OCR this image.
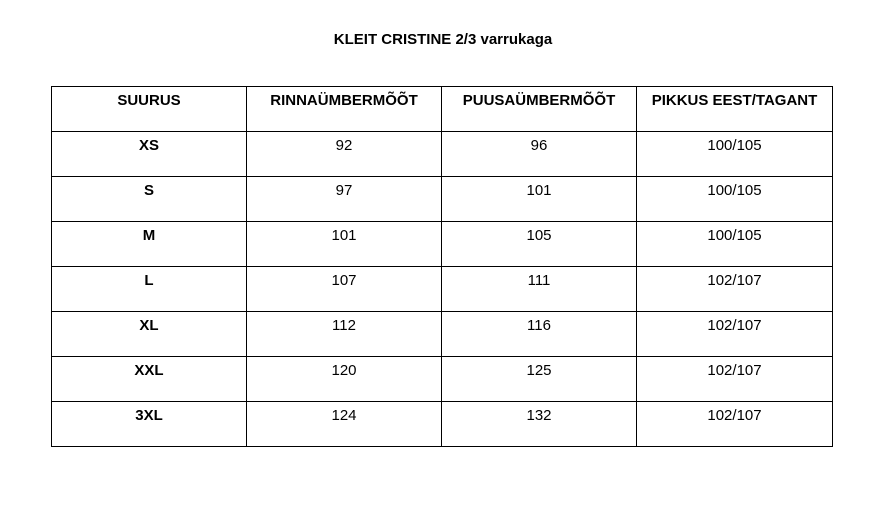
KLEIT CRISTINE 2/3 varrukaga
SUURUS	RINNAÜMBERMÕÕT	PUUSAÜMBERMÕÕT	PIKKUS EEST/TAGANT

XS	92	96	100/105

S	97	101	100/105

M	101	105	100/105

L	107	111	102/107

XL	112	116	102/107

XXL	120	125	102/107

3XL	124	132	102/107
